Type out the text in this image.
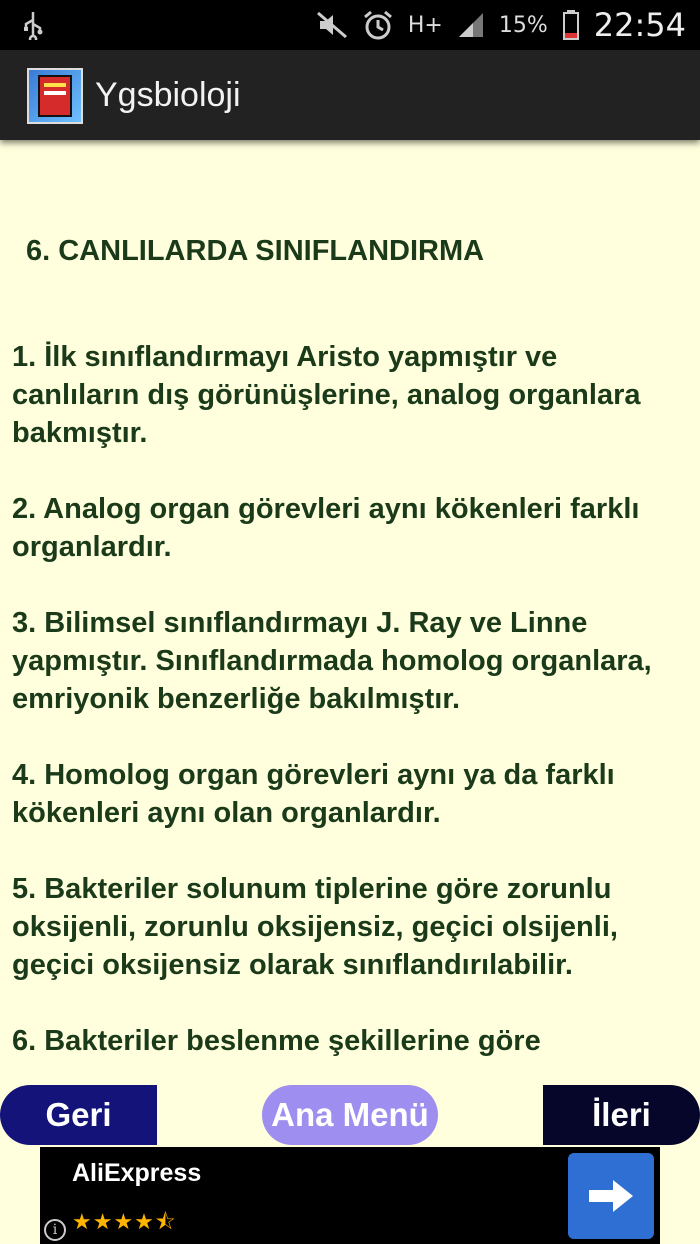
H+	15% 22:54
Ygsbioloji
6. CANLILARDA SINIFLANDIRMA

1. İlk sınıflandırmayı Aristo yapmıştır ve canlıların dış görünüşlerine, analog organlara bakmıştır.

2. Analog organ görevleri aynı kökenleri farklı organlardır.

3. Bilimsel sınıflandırmayı J. Ray ve Linne yapmıştır. Sınıflandırmada homolog organlara, emriyonik benzerliğe bakılmıştır.

4. Homolog organ görevleri aynı ya da farklı kökenleri aynı olan organlardır.

5. Bakteriler solunum tiplerine göre zorunlu oksijenli, zorunlu oksijensiz, geçici olsijenli, geçici oksijensiz olarak sınıflandırılabilir.

6. Bakteriler beslenme şekillerine göre

Geri	Ana Menü	İleri
AliExpress
★★★★⯪
i
